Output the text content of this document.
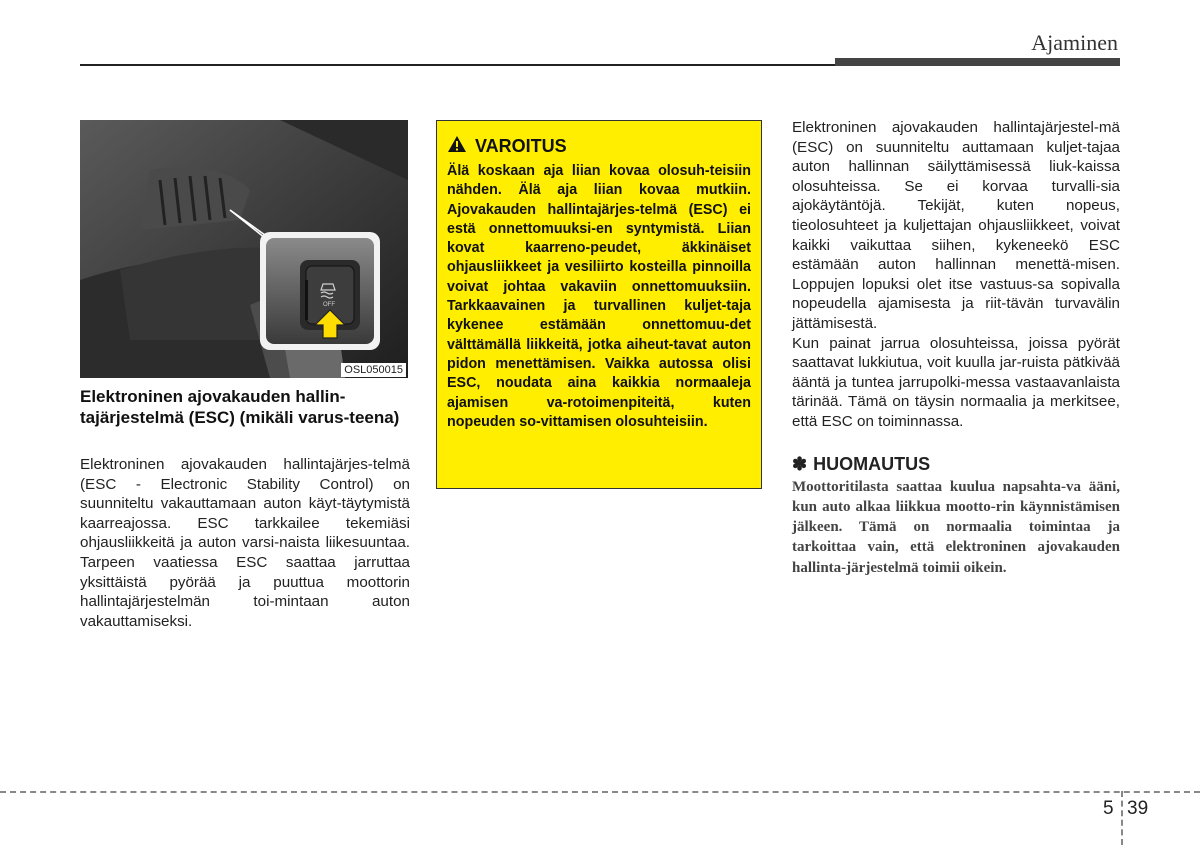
Ajaminen
OFF
OSL050015
Elektroninen ajovakauden hallin-tajärjestelmä (ESC) (mikäli varus-teena)
Elektroninen ajovakauden hallintajärjes-telmä (ESC - Electronic Stability Control) on suunniteltu vakauttamaan auton käyt-täytymistä kaarreajossa. ESC tarkkailee tekemiäsi ohjausliikkeitä ja auton varsi-naista liikesuuntaa. Tarpeen vaatiessa ESC saattaa jarruttaa yksittäistä pyörää ja puuttua moottorin hallintajärjestelmän toi-mintaan auton vakauttamiseksi.
VAROITUS
Älä koskaan aja liian kovaa olosuh-teisiin nähden. Älä aja liian kovaa mutkiin. Ajovakauden hallintajärjes-telmä (ESC) ei estä onnettomuuksi-en syntymistä. Liian kovat kaarreno-peudet, äkkinäiset ohjausliikkeet ja vesiliirto kosteilla pinnoilla voivat johtaa vakaviin onnettomuuksiin. Tarkkaavainen ja turvallinen kuljet-taja kykenee estämään onnettomuu-det välttämällä liikkeitä, jotka aiheut-tavat auton pidon menettämisen. Vaikka autossa olisi ESC, noudata aina kaikkia normaaleja ajamisen va-rotoimenpiteitä, kuten nopeuden so-vittamisen olosuhteisiin.

Elektroninen ajovakauden hallintajärjestel-mä (ESC) on suunniteltu auttamaan kuljet-tajaa auton hallinnan säilyttämisessä liuk-kaissa olosuhteissa. Se ei korvaa turvalli-sia ajokäytäntöjä. Tekijät, kuten nopeus, tieolosuhteet ja kuljettajan ohjausliikkeet, voivat kaikki vaikuttaa siihen, kykeneekö ESC estämään auton hallinnan menettä-misen. Loppujen lopuksi olet itse vastuus-sa sopivalla nopeudella ajamisesta ja riit-tävän turvavälin jättämisestä.

Kun painat jarrua olosuhteissa, joissa pyörät saattavat lukkiutua, voit kuulla jar-ruista pätkivää ääntä ja tuntea jarrupolki-messa vastaavanlaista tärinää. Tämä on täysin normaalia ja merkitsee, että ESC on toiminnassa.

✽ HUOMAUTUS
Moottoritilasta saattaa kuulua napsahta-va ääni, kun auto alkaa liikkua mootto-rin käynnistämisen jälkeen. Tämä on normaalia toimintaa ja tarkoittaa vain, että elektroninen ajovakauden hallinta-järjestelmä toimii oikein.
5 39
